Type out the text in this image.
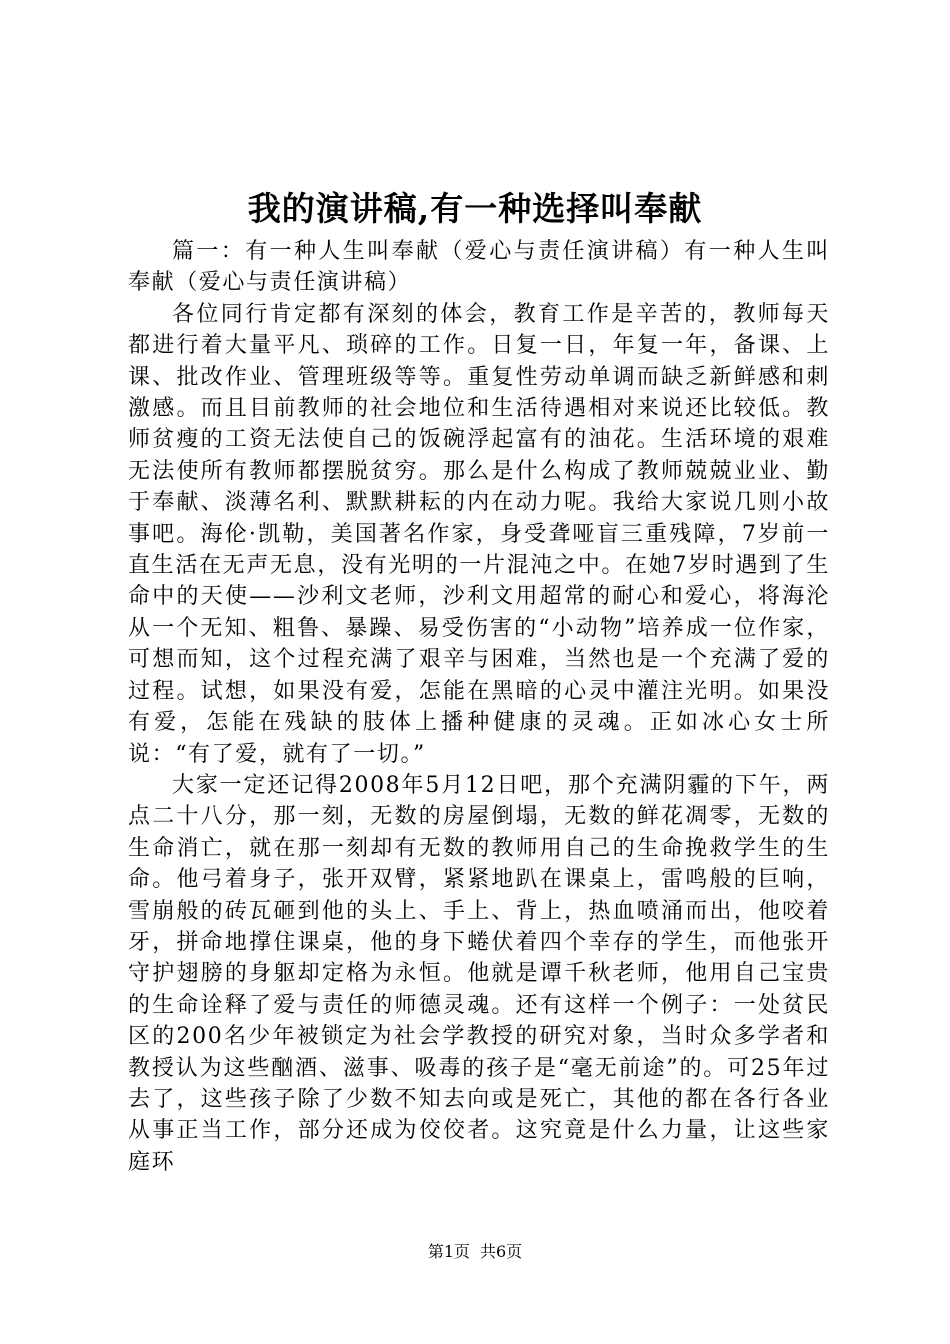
我的演讲稿,有一种选择叫奉献

篇一：有一种人生叫奉献（爱心与责任演讲稿）有一种人生叫奉献（爱心与责任演讲稿）

各位同行肯定都有深刻的体会，教育工作是辛苦的，教师每天都进行着大量平凡、琐碎的工作。日复一日，年复一年，备课、上课、批改作业、管理班级等等。重复性劳动单调而缺乏新鲜感和刺激感。而且目前教师的社会地位和生活待遇相对来说还比较低。教师贫瘦的工资无法使自己的饭碗浮起富有的油花。生活环境的艰难无法使所有教师都摆脱贫穷。那么是什么构成了教师兢兢业业、勤于奉献、淡薄名利、默默耕耘的内在动力呢。我给大家说几则小故事吧。海伦·凯勒，美国著名作家，身受聋哑盲三重残障，7岁前一直生活在无声无息，没有光明的一片混沌之中。在她7岁时遇到了生命中的天使——沙利文老师，沙利文用超常的耐心和爱心，将海沦从一个无知、粗鲁、暴躁、易受伤害的“小动物”培养成一位作家，可想而知，这个过程充满了艰辛与困难，当然也是一个充满了爱的过程。试想，如果没有爱，怎能在黑暗的心灵中灌注光明。如果没有爱，怎能在残缺的肢体上播种健康的灵魂。正如冰心女士所说：“有了爱，就有了一切。”

大家一定还记得2008年5月12日吧，那个充满阴霾的下午，两点二十八分，那一刻，无数的房屋倒塌，无数的鲜花凋零，无数的生命消亡，就在那一刻却有无数的教师用自己的生命挽救学生的生命。他弓着身子，张开双臂，紧紧地趴在课桌上，雷鸣般的巨响，雪崩般的砖瓦砸到他的头上、手上、背上，热血喷涌而出，他咬着牙，拼命地撑住课桌，他的身下蜷伏着四个幸存的学生，而他张开守护翅膀的身躯却定格为永恒。他就是谭千秋老师，他用自己宝贵的生命诠释了爱与责任的师德灵魂。还有这样一个例子：一处贫民区的200名少年被锁定为社会学教授的研究对象，当时众多学者和教授认为这些酗酒、滋事、吸毒的孩子是“毫无前途”的。可25年过去了，这些孩子除了少数不知去向或是死亡，其他的都在各行各业从事正当工作，部分还成为佼佼者。这究竟是什么力量，让这些家庭环

第1页 共6页
